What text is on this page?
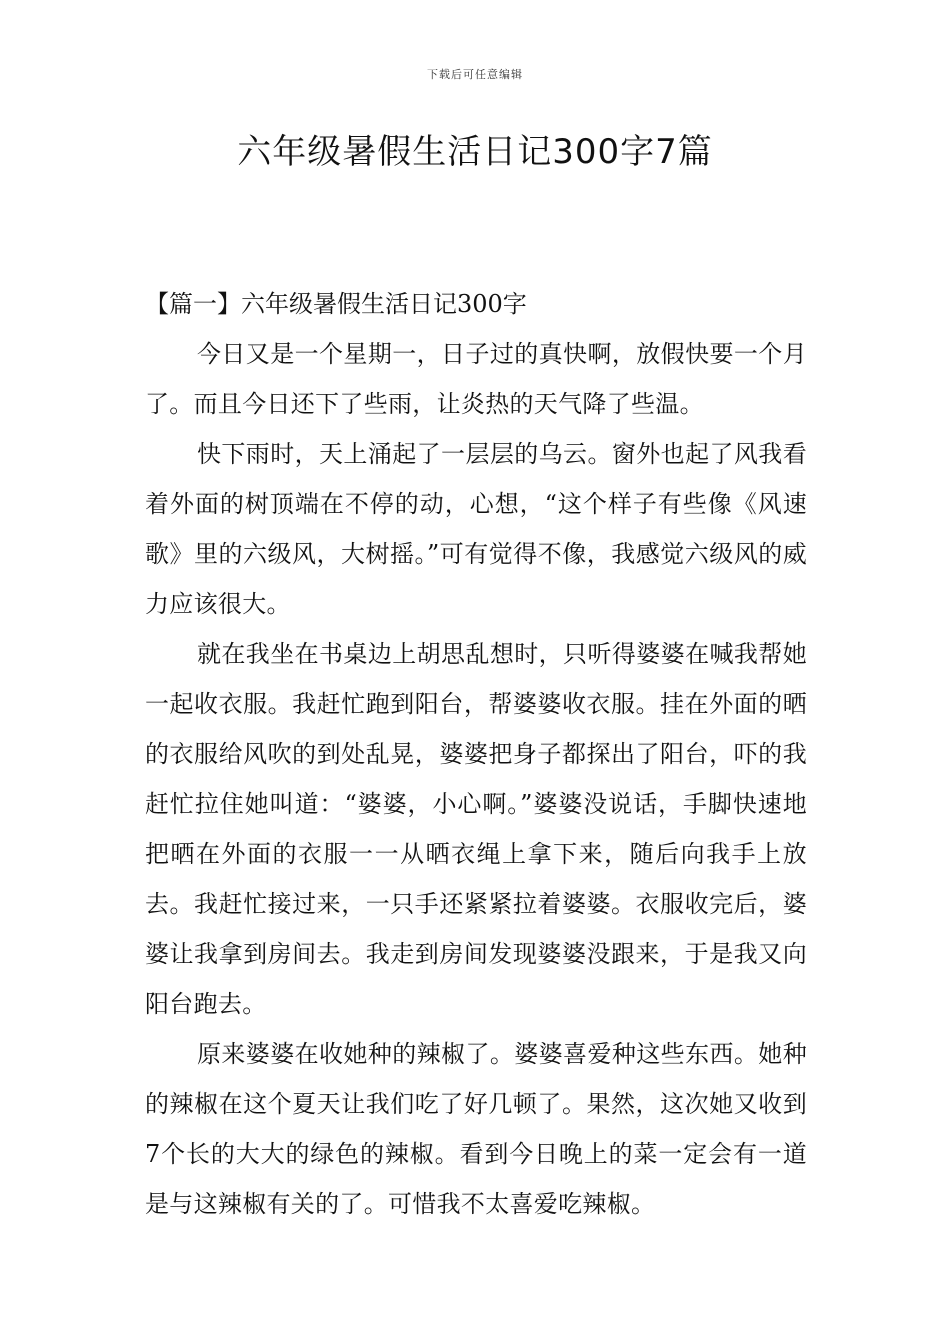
下载后可任意编辑
六年级暑假生活日记300字7篇
【篇一】六年级暑假生活日记300字

今日又是一个星期一，日子过的真快啊，放假快要一个月了。而且今日还下了些雨，让炎热的天气降了些温。

快下雨时，天上涌起了一层层的乌云。窗外也起了风我看着外面的树顶端在不停的动，心想，“这个样子有些像《风速歌》里的六级风，大树摇。”可有觉得不像，我感觉六级风的威力应该很大。

就在我坐在书桌边上胡思乱想时，只听得婆婆在喊我帮她一起收衣服。我赶忙跑到阳台，帮婆婆收衣服。挂在外面的晒的衣服给风吹的到处乱晃，婆婆把身子都探出了阳台，吓的我赶忙拉住她叫道：“婆婆，小心啊。”婆婆没说话，手脚快速地把晒在外面的衣服一一从晒衣绳上拿下来，随后向我手上放去。我赶忙接过来，一只手还紧紧拉着婆婆。衣服收完后，婆婆让我拿到房间去。我走到房间发现婆婆没跟来，于是我又向阳台跑去。

原来婆婆在收她种的辣椒了。婆婆喜爱种这些东西。她种的辣椒在这个夏天让我们吃了好几顿了。果然，这次她又收到7个长的大大的绿色的辣椒。看到今日晚上的菜一定会有一道是与这辣椒有关的了。可惜我不太喜爱吃辣椒。
